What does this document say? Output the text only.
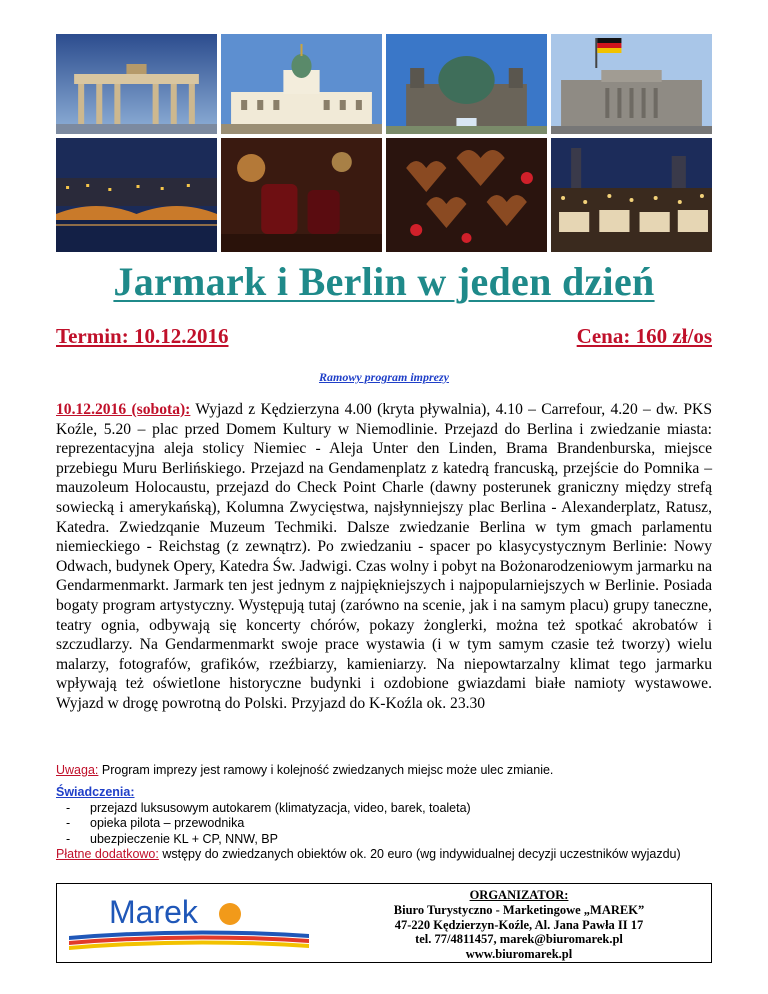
Jarmark i Berlin w jeden dzień
Termin: 10.12.2016	Cena: 160 zł/os
Ramowy program imprezy
10.12.2016 (sobota): Wyjazd z Kędzierzyna 4.00 (kryta pływalnia), 4.10 – Carrefour, 4.20 – dw. PKS Koźle, 5.20 – plac przed Domem Kultury w Niemodlinie. Przejazd do Berlina i zwiedzanie miasta: reprezentacyjna aleja stolicy Niemiec - Aleja Unter den Linden, Brama Brandenburska, miejsce przebiegu Muru Berlińskiego. Przejazd na Gendamenplatz z katedrą francuską, przejście do Pomnika – mauzoleum Holocaustu, przejazd do Check Point Charle (dawny posterunek graniczny między strefą sowiecką i amerykańską), Kolumna Zwycięstwa, najsłynniejszy plac Berlina - Alexanderplatz, Ratusz, Katedra. Zwiedzqanie Muzeum Techmiki. Dalsze zwiedzanie Berlina w tym gmach parlamentu niemieckiego - Reichstag (z zewnątrz). Po zwiedzaniu - spacer po klasycystycznym Berlinie: Nowy Odwach, budynek Opery, Katedra Św. Jadwigi. Czas wolny i pobyt na Bożonarodzeniowym jarmarku na Gendarmenmarkt. Jarmark ten jest jednym z najpiękniejszych i najpopularniejszych w Berlinie. Posiada bogaty program artystyczny. Występują tutaj (zarówno na scenie, jak i na samym placu) grupy taneczne, teatry ognia, odbywają się koncerty chórów, pokazy żonglerki, można też spotkać akrobatów i szczudlarzy. Na Gendarmenmarkt swoje prace wystawia (i w tym samym czasie też tworzy) wielu malarzy, fotografów, grafików, rzeźbiarzy, kamieniarzy. Na niepowtarzalny klimat tego jarmarku wpływają też oświetlone historyczne budynki i ozdobione gwiazdami białe namioty wystawowe. Wyjazd w drogę powrotną do Polski. Przyjazd do K-Koźla ok. 23.30
Uwaga: Program imprezy jest ramowy i kolejność zwiedzanych miejsc może ulec zmianie.
Świadczenia:
- przejazd luksusowym autokarem (klimatyzacja, video, barek, toaleta)
- opieka pilota – przewodnika
- ubezpieczenie KL + CP, NNW, BP
Płatne dodatkowo: wstępy do zwiedzanych obiektów ok. 20 euro (wg indywidualnej decyzji uczestników wyjazdu)
Marek	ORGANIZATOR:
Biuro Turystyczno - Marketingowe „MAREK”
47-220 Kędzierzyn-Koźle, Al. Jana Pawła II 17
tel. 77/4811457, marek@biuromarek.pl
www.biuromarek.pl
